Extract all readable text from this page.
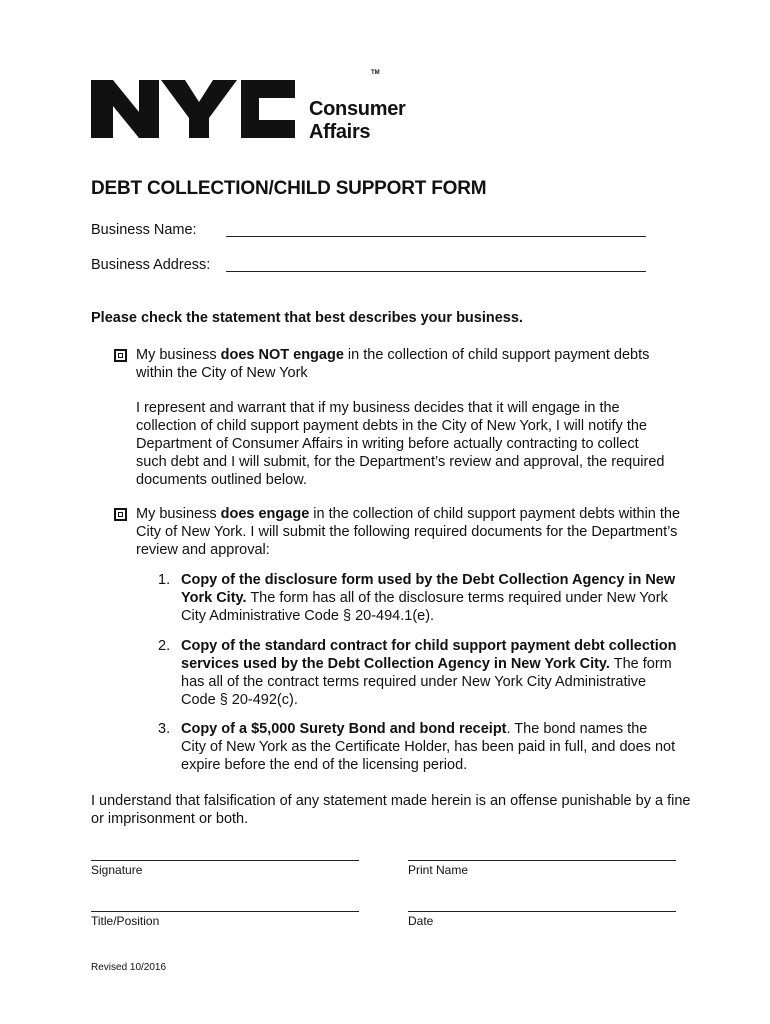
TM
Consumer
Affairs
DEBT COLLECTION/CHILD SUPPORT FORM
Business Name:
Business Address:

Please check the statement that best describes your business.

My business does NOT engage in the collection of child support payment debts within the City of New York

I represent and warrant that if my business decides that it will engage in the collection of child support payment debts in the City of New York, I will notify the Department of Consumer Affairs in writing before actually contracting to collect such debt and I will submit, for the Department’s review and approval, the required documents outlined below.

My business does engage in the collection of child support payment debts within the City of New York. I will submit the following required documents for the Department’s review and approval:

1. Copy of the disclosure form used by the Debt Collection Agency in New York City. The form has all of the disclosure terms required under New York City Administrative Code § 20-494.1(e).

2. Copy of the standard contract for child support payment debt collection services used by the Debt Collection Agency in New York City. The form has all of the contract terms required under New York City Administrative Code § 20-492(c).

3. Copy of a $5,000 Surety Bond and bond receipt. The bond names the City of New York as the Certificate Holder, has been paid in full, and does not expire before the end of the licensing period.

I understand that falsification of any statement made herein is an offense punishable by a fine or imprisonment or both.

Signature	Print Name
Title/Position	Date
Revised 10/2016
